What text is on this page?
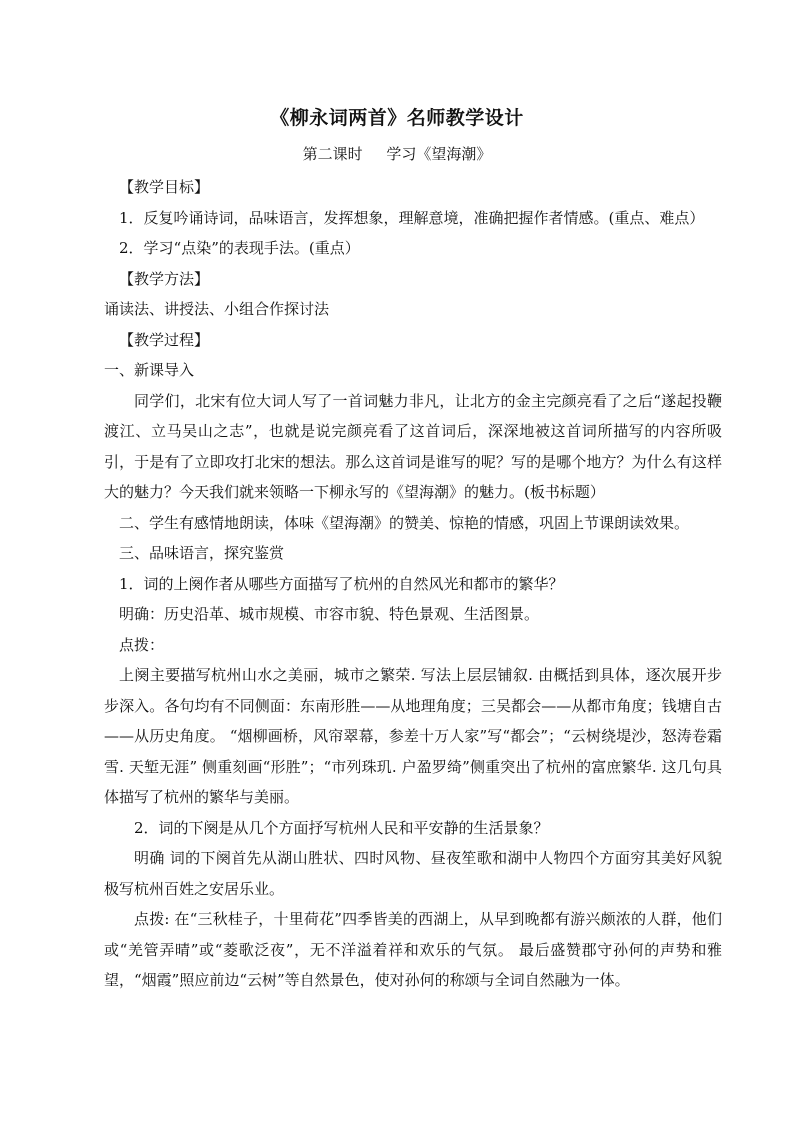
《柳永词两首》名师教学设计
第二课时     学习《望海潮》

【教学目标】

1．反复吟诵诗词，品味语言，发挥想象，理解意境，准确把握作者情感。(重点、难点）

2．学习“点染”的表现手法。(重点）

【教学方法】

诵读法、讲授法、小组合作探讨法

【教学过程】

一、新课导入

同学们，北宋有位大词人写了一首词魅力非凡，让北方的金主完颜亮看了之后“遂起投鞭渡江、立马吴山之志”，也就是说完颜亮看了这首词后，深深地被这首词所描写的内容所吸引，于是有了立即攻打北宋的想法。那么这首词是谁写的呢？写的是哪个地方？为什么有这样大的魅力？今天我们就来领略一下柳永写的《望海潮》的魅力。(板书标题）

二、学生有感情地朗读，体味《望海潮》的赞美、惊艳的情感，巩固上节课朗读效果。

三、品味语言，探究鉴赏

1．词的上阕作者从哪些方面描写了杭州的自然风光和都市的繁华？

明确：历史沿革、城市规模、市容市貌、特色景观、生活图景。

点拨：

上阕主要描写杭州山水之美丽，城市之繁荣. 写法上层层铺叙. 由概括到具体，逐次展开步步深入。各句均有不同侧面：东南形胜——从地理角度；三吴都会——从都市角度；钱塘自古——从历史角度。 “烟柳画桥，风帘翠幕，参差十万人家”写“都会”；“云树绕堤沙，怒涛卷霜雪. 天堑无涯” 侧重刻画“形胜”；“市列珠玑. 户盈罗绮”侧重突出了杭州的富庶繁华. 这几句具体描写了杭州的繁华与美丽。

2．词的下阕是从几个方面抒写杭州人民和平安静的生活景象？

明确 词的下阕首先从湖山胜状、四时风物、昼夜笙歌和湖中人物四个方面穷其美好风貌极写杭州百姓之安居乐业。

点拨: 在“三秋桂子，十里荷花”四季皆美的西湖上，从早到晚都有游兴颇浓的人群，他们或“羌管弄晴”或“菱歌泛夜”，无不洋溢着祥和欢乐的气氛。 最后盛赞郡守孙何的声势和雅望，“烟霞”照应前边“云树”等自然景色，使对孙何的称颂与全词自然融为一体。
